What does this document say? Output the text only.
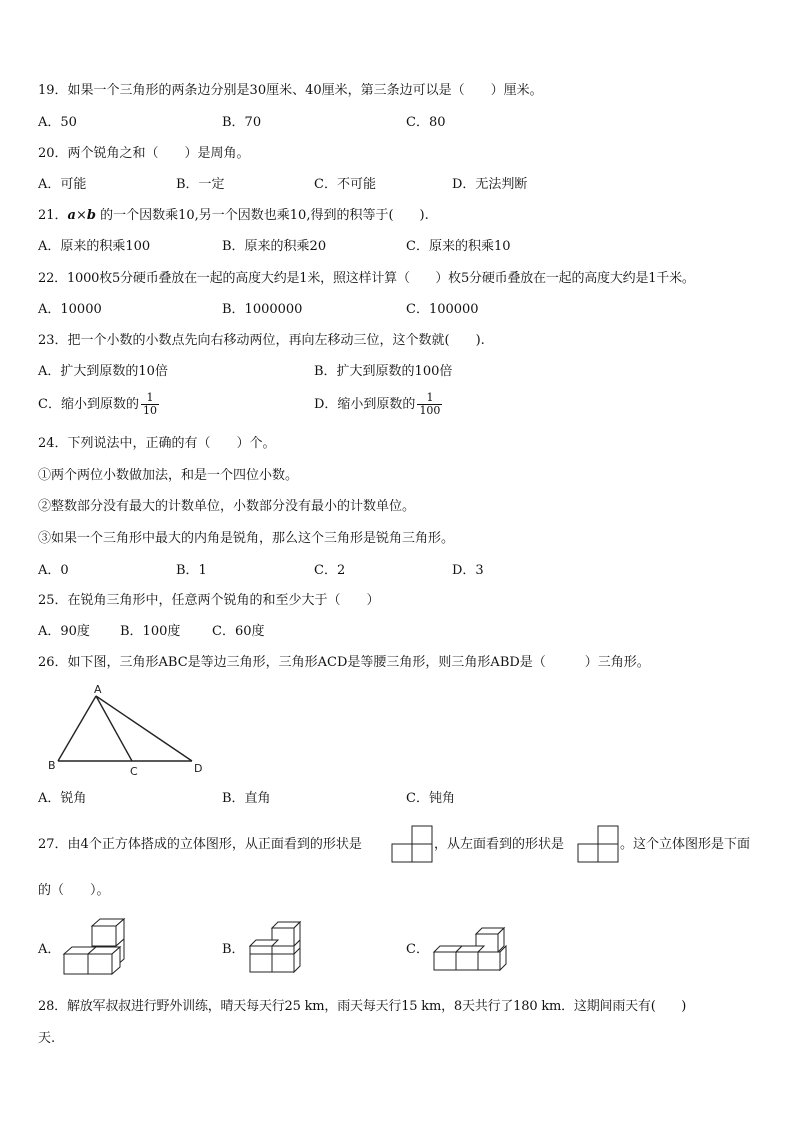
19．如果一个三角形的两条边分别是30厘米、40厘米，第三条边可以是（　　）厘米。
A．50	B．70	C．80
20．两个锐角之和（　　）是周角。
A．可能	B．一定	C．不可能	D．无法判断
21．a×b 的一个因数乘10,另一个因数也乘10,得到的积等于(　　).
A．原来的积乘100	B．原来的积乘20	C．原来的积乘10
22．1000枚5分硬币叠放在一起的高度大约是1米，照这样计算（　　）枚5分硬币叠放在一起的高度大约是1千米。
A．10000	B．1000000	C．100000
23．把一个小数的小数点先向右移动两位，再向左移动三位，这个数就(　　).
A．扩大到原数的10倍	B．扩大到原数的100倍
C．缩小到原数的 $\frac{1}{10}$	D．缩小到原数的 $\frac{1}{100}$
24．下列说法中，正确的有（　　）个。
①两个两位小数做加法，和是一个四位小数。
②整数部分没有最大的计数单位，小数部分没有最小的计数单位。
③如果一个三角形中最大的内角是锐角，那么这个三角形是锐角三角形。
A．0	B．1	C．2	D．3
25．在锐角三角形中，任意两个锐角的和至少大于（　　）
A．90度 B．100度 C．60度
26．如下图，三角形ABC是等边三角形，三角形ACD是等腰三角形，则三角形ABD是（　　　）三角形。
A
B	C	D
A．锐角	B．直角	C．钝角
27．由4个正方体搭成的立体图形，从正面看到的形状是	，从左面看到的形状是	。这个立体图形是下面
的（　　）。
A．	B．	C．
28．解放军叔叔进行野外训练，晴天每天行25 km，雨天每天行15 km，8天共行了180 km．这期间雨天有(　　)
天.
